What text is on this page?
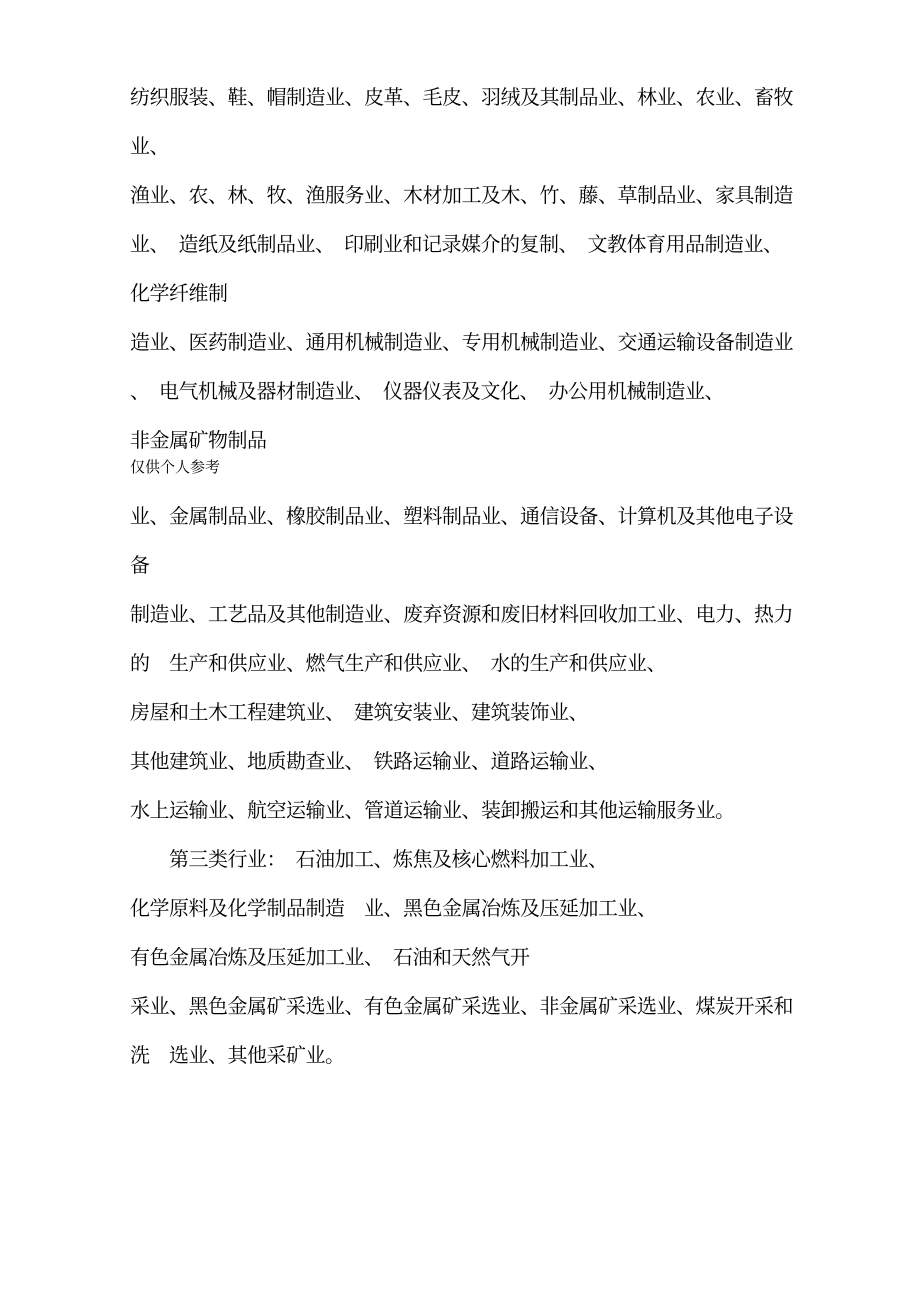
纺织服装、鞋、帽制造业、皮革、毛皮、羽绒及其制品业、林业、农业、畜牧
业、
渔业、农、林、牧、渔服务业、木材加工及木、竹、藤、草制品业、家具制造
业、　造纸及纸制品业、　印刷业和记录媒介的复制、　文教体育用品制造业、
化学纤维制
造业、医药制造业、通用机械制造业、专用机械制造业、交通运输设备制造业
、　电气机械及器材制造业、　仪器仪表及文化、　办公用机械制造业、
非金属矿物制品
仅供个人参考
业、金属制品业、橡胶制品业、塑料制品业、通信设备、计算机及其他电子设
备
制造业、工艺品及其他制造业、废弃资源和废旧材料回收加工业、电力、热力
的　生产和供应业、燃气生产和供应业、　水的生产和供应业、
房屋和土木工程建筑业、　建筑安装业、建筑装饰业、
其他建筑业、地质勘查业、　铁路运输业、道路运输业、
水上运输业、航空运输业、管道运输业、装卸搬运和其他运输服务业。
　　第三类行业：　石油加工、炼焦及核心燃料加工业、
化学原料及化学制品制造　业、黑色金属冶炼及压延加工业、
有色金属冶炼及压延加工业、　石油和天然气开
采业、黑色金属矿采选业、有色金属矿采选业、非金属矿采选业、煤炭开采和
洗　选业、其他采矿业。
